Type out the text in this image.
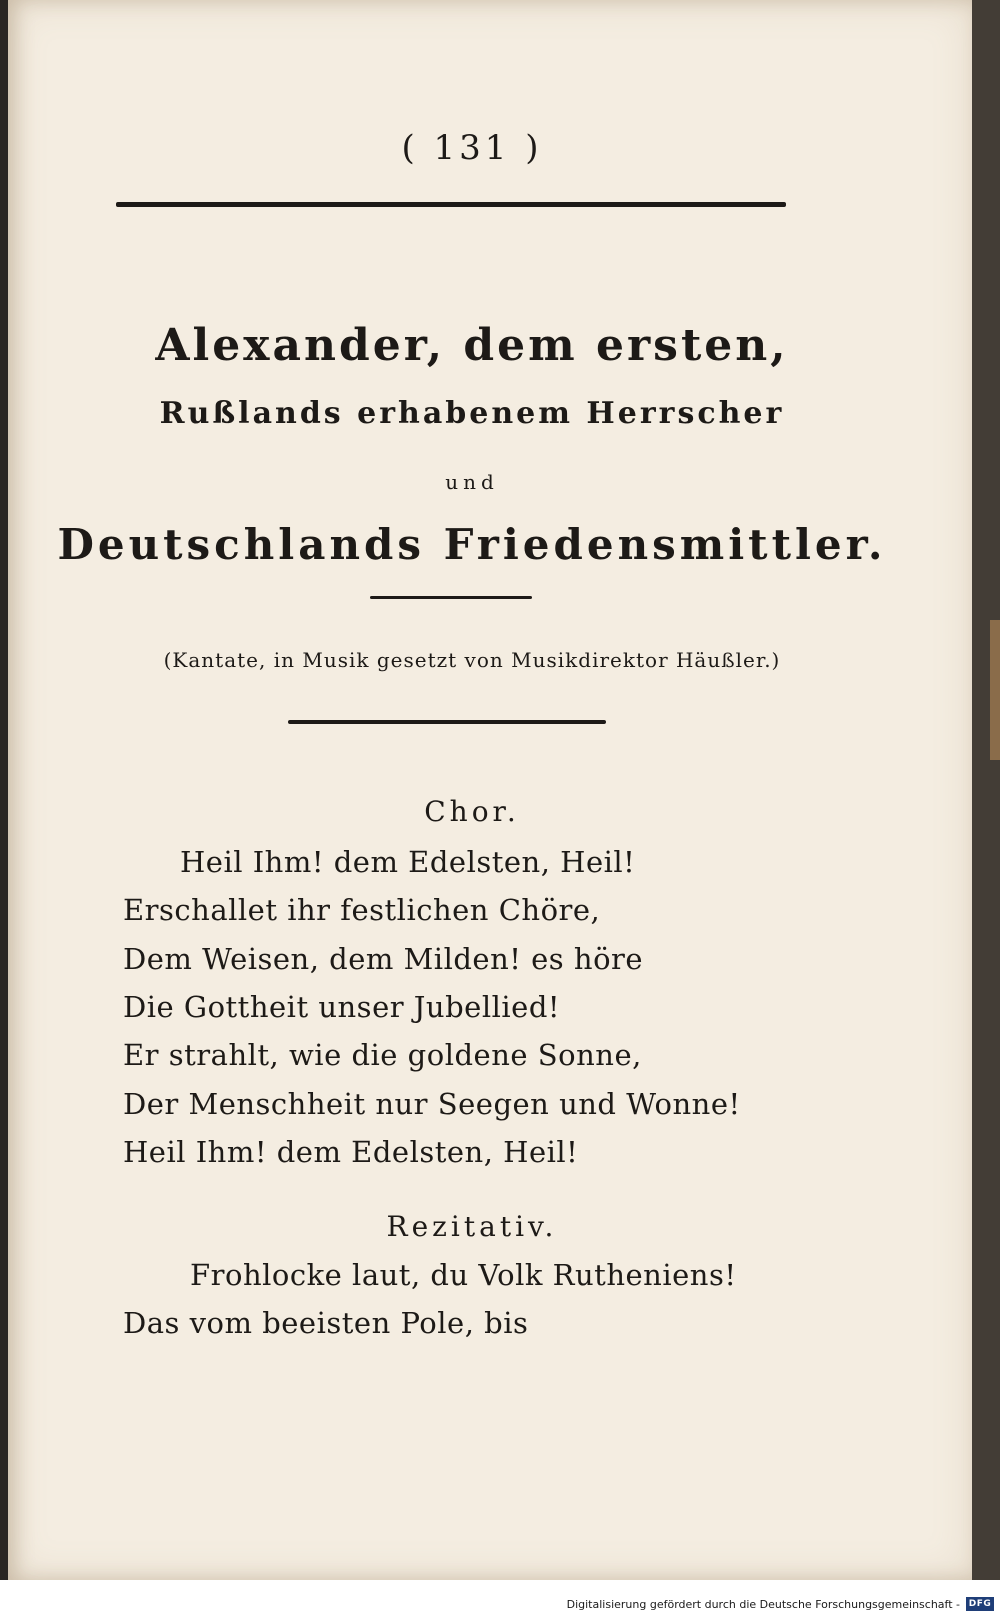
( 131 )
Alexander, dem ersten,
Rußlands erhabenem Herrscher
und
Deutschlands Friedensmittler.
(Kantate, in Musik gesetzt von Musikdirektor Häußler.)
Chor.
Heil Ihm! dem Edelsten, Heil!
Erschallet ihr festlichen Chöre,
Dem Weisen, dem Milden! es höre
Die Gottheit unser Jubellied!
Er strahlt, wie die goldene Sonne,
Der Menschheit nur Seegen und Wonne!
Heil Ihm! dem Edelsten, Heil!
Rezitativ.
Frohlocke laut, du Volk Rutheniens!
Das vom beeisten Pole, bis
Digitalisierung gefördert durch die Deutsche Forschungsgemeinschaft - DFG
